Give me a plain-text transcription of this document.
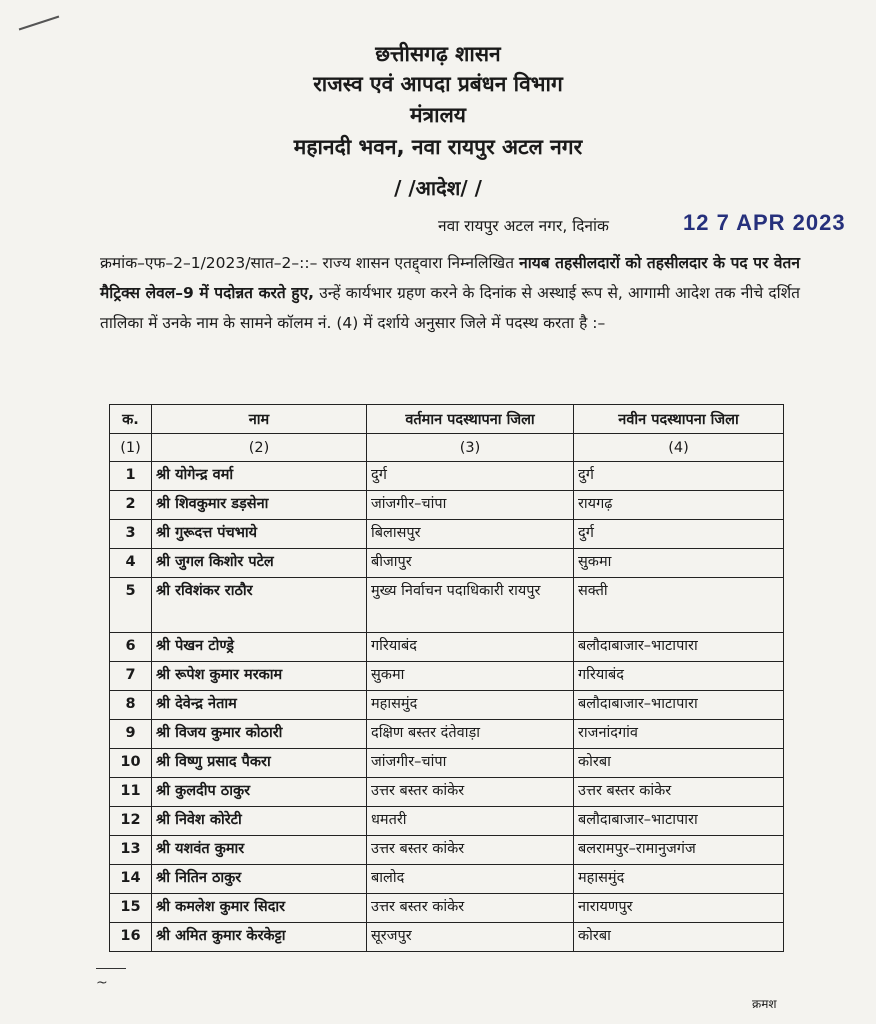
छत्तीसगढ़ शासन
राजस्व एवं आपदा प्रबंधन विभाग
मंत्रालय
महानदी भवन, नवा रायपुर अटल नगर
/ /आदेश/ /
नवा रायपुर अटल नगर, दिनांक	12 7 APR 2023
क्रमांक–एफ–2–1/2023/सात–2–::– राज्य शासन एतद्द्वारा निम्नलिखित नायब तहसीलदारों को तहसीलदार के पद पर वेतन मैट्रिक्स लेवल–9 में पदोन्नत करते हुए, उन्हें कार्यभार ग्रहण करने के दिनांक से अस्थाई रूप से, आगामी आदेश तक नीचे दर्शित तालिका में उनके नाम के सामने कॉलम नं. (4) में दर्शाये अनुसार जिले में पदस्थ करता है :–
क.	नाम	वर्तमान पदस्थापना जिला	नवीन पदस्थापना जिला
(1)	(2)	(3)	(4)
1	श्री योगेन्द्र वर्मा	दुर्ग	दुर्ग
2	श्री शिवकुमार डड़सेना	जांजगीर–चांपा	रायगढ़
3	श्री गुरूदत्त पंचभाये	बिलासपुर	दुर्ग
4	श्री जुगल किशोर पटेल	बीजापुर	सुकमा
5	श्री रविशंकर राठौर	मुख्य निर्वाचन पदाधिकारी रायपुर	सक्ती
6	श्री पेखन टोण्ड्रे	गरियाबंद	बलौदाबाजार–भाटापारा
7	श्री रूपेश कुमार मरकाम	सुकमा	गरियाबंद
8	श्री देवेन्द्र नेताम	महासमुंद	बलौदाबाजार–भाटापारा
9	श्री विजय कुमार कोठारी	दक्षिण बस्तर दंतेवाड़ा	राजनांदगांव
10	श्री विष्णु प्रसाद पैकरा	जांजगीर–चांपा	कोरबा
11	श्री कुलदीप ठाकुर	उत्तर बस्तर कांकेर	उत्तर बस्तर कांकेर
12	श्री निवेश कोरेटी	धमतरी	बलौदाबाजार–भाटापारा
13	श्री यशवंत कुमार	उत्तर बस्तर कांकेर	बलरामपुर–रामानुजगंज
14	श्री नितिन ठाकुर	बालोद	महासमुंद
15	श्री कमलेश कुमार सिदार	उत्तर बस्तर कांकेर	नारायणपुर
16	श्री अमित कुमार केरकेट्टा	सूरजपुर	कोरबा
~
क्रमश
